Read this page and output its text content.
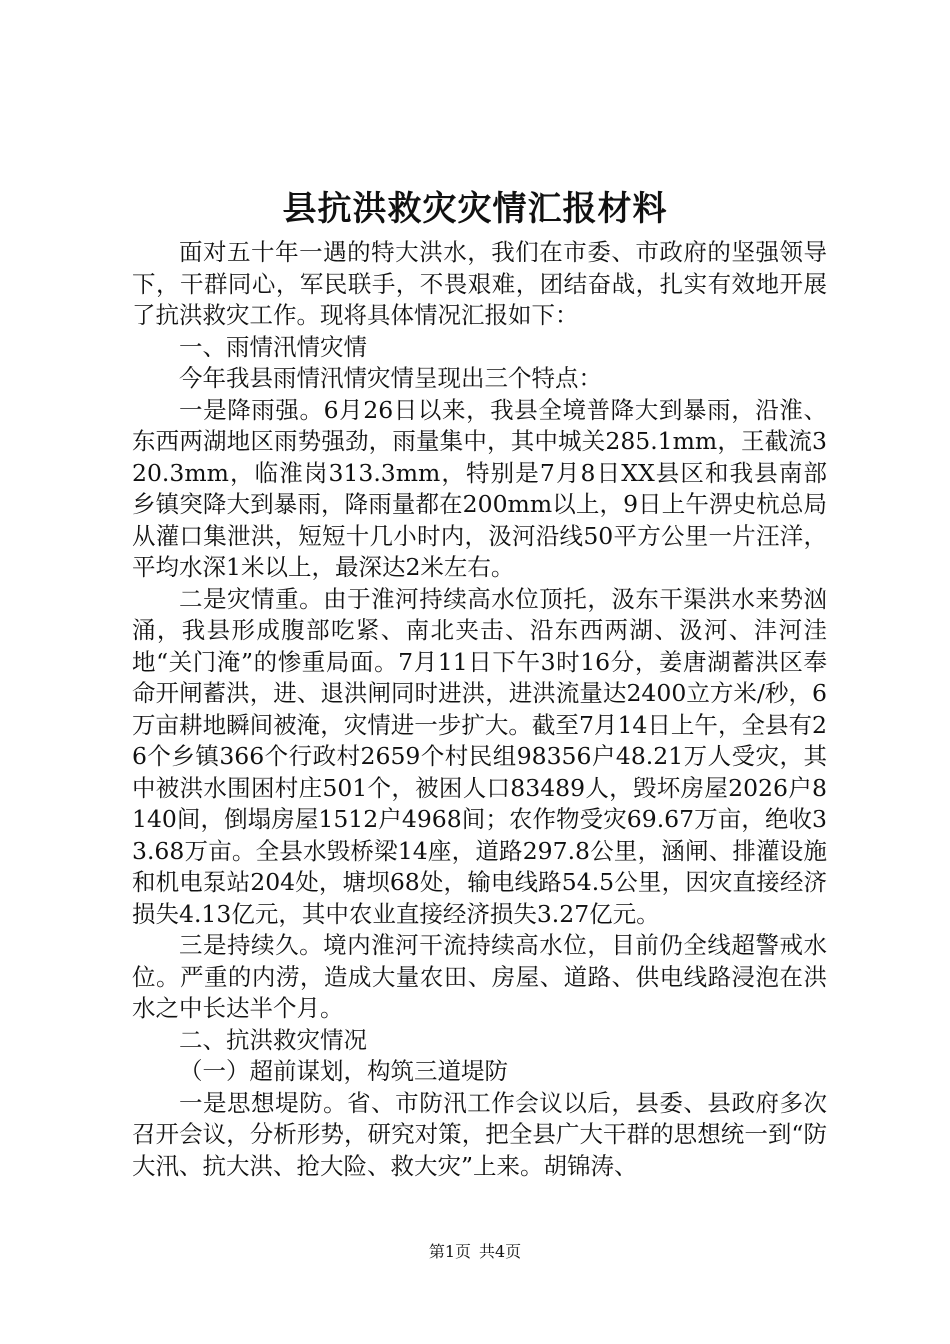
县抗洪救灾灾情汇报材料

面对五十年一遇的特大洪水，我们在市委、市政府的坚强领导下，干群同心，军民联手，不畏艰难，团结奋战，扎实有效地开展了抗洪救灾工作。现将具体情况汇报如下：

一、雨情汛情灾情

今年我县雨情汛情灾情呈现出三个特点：

一是降雨强。6月26日以来，我县全境普降大到暴雨，沿淮、东西两湖地区雨势强劲，雨量集中，其中城关285.1mm，王截流320.3mm，临淮岗313.3mm，特别是7月8日XX县区和我县南部乡镇突降大到暴雨，降雨量都在200mm以上，9日上午淠史杭总局从灌口集泄洪，短短十几小时内，汲河沿线50平方公里一片汪洋，平均水深1米以上，最深达2米左右。

二是灾情重。由于淮河持续高水位顶托，汲东干渠洪水来势汹涌，我县形成腹部吃紧、南北夹击、沿东西两湖、汲河、沣河洼地“关门淹”的惨重局面。7月11日下午3时16分，姜唐湖蓄洪区奉命开闸蓄洪，进、退洪闸同时进洪，进洪流量达2400立方米/秒，6万亩耕地瞬间被淹，灾情进一步扩大。截至7月14日上午，全县有26个乡镇366个行政村2659个村民组98356户48.21万人受灾，其中被洪水围困村庄501个，被困人口83489人，毁坏房屋2026户8140间，倒塌房屋1512户4968间；农作物受灾69.67万亩，绝收33.68万亩。全县水毁桥梁14座，道路297.8公里，涵闸、排灌设施和机电泵站204处，塘坝68处，输电线路54.5公里，因灾直接经济损失4.13亿元，其中农业直接经济损失3.27亿元。

三是持续久。境内淮河干流持续高水位，目前仍全线超警戒水位。严重的内涝，造成大量农田、房屋、道路、供电线路浸泡在洪水之中长达半个月。

二、抗洪救灾情况

（一）超前谋划，构筑三道堤防

一是思想堤防。省、市防汛工作会议以后，县委、县政府多次召开会议，分析形势，研究对策，把全县广大干群的思想统一到“防大汛、抗大洪、抢大险、救大灾”上来。胡锦涛、

第1页 共4页
